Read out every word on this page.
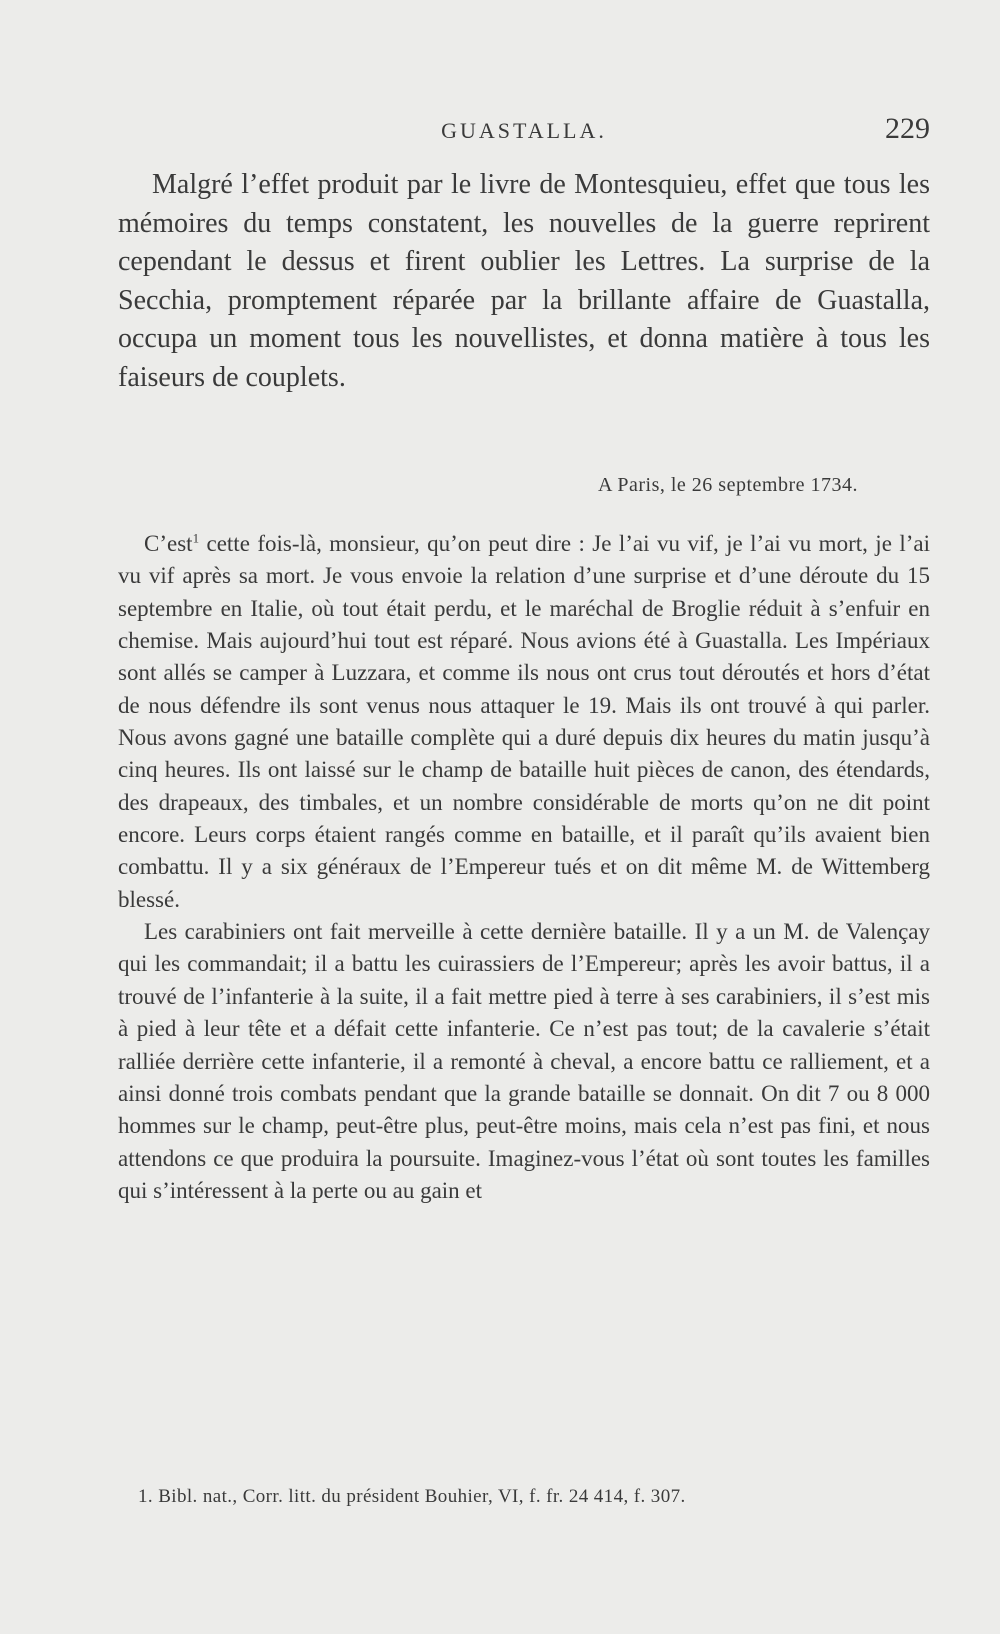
GUASTALLA.	229

Malgré l’effet produit par le livre de Montesquieu, effet que tous les mémoires du temps constatent, les nouvelles de la guerre reprirent cependant le dessus et firent oublier les Lettres. La surprise de la Secchia, promptement réparée par la brillante affaire de Guastalla, occupa un moment tous les nouvellistes, et donna matière à tous les faiseurs de couplets.

A Paris, le 26 septembre 1734.

C’est$^1$ cette fois-là, monsieur, qu’on peut dire : Je l’ai vu vif, je l’ai vu mort, je l’ai vu vif après sa mort. Je vous envoie la relation d’une surprise et d’une déroute du 15 septembre en Italie, où tout était perdu, et le maréchal de Broglie réduit à s’enfuir en chemise. Mais aujourd’hui tout est réparé. Nous avions été à Guastalla. Les Impériaux sont allés se camper à Luzzara, et comme ils nous ont crus tout déroutés et hors d’état de nous défendre ils sont venus nous attaquer le 19. Mais ils ont trouvé à qui parler. Nous avons gagné une bataille complète qui a duré depuis dix heures du matin jusqu’à cinq heures. Ils ont laissé sur le champ de bataille huit pièces de canon, des étendards, des drapeaux, des timbales, et un nombre considérable de morts qu’on ne dit point encore. Leurs corps étaient rangés comme en bataille, et il paraît qu’ils avaient bien combattu. Il y a six généraux de l’Empereur tués et on dit même M. de Wittemberg blessé.

Les carabiniers ont fait merveille à cette dernière bataille. Il y a un M. de Valençay qui les commandait; il a battu les cuirassiers de l’Empereur; après les avoir battus, il a trouvé de l’infanterie à la suite, il a fait mettre pied à terre à ses carabiniers, il s’est mis à pied à leur tête et a défait cette infanterie. Ce n’est pas tout; de la cavalerie s’était ralliée derrière cette infanterie, il a remonté à cheval, a encore battu ce ralliement, et a ainsi donné trois combats pendant que la grande bataille se donnait. On dit 7 ou 8 000 hommes sur le champ, peut-être plus, peut-être moins, mais cela n’est pas fini, et nous attendons ce que produira la poursuite. Imaginez-vous l’état où sont toutes les familles qui s’intéressent à la perte ou au gain et

1. Bibl. nat., Corr. litt. du président Bouhier, VI, f. fr. 24 414, f. 307.
